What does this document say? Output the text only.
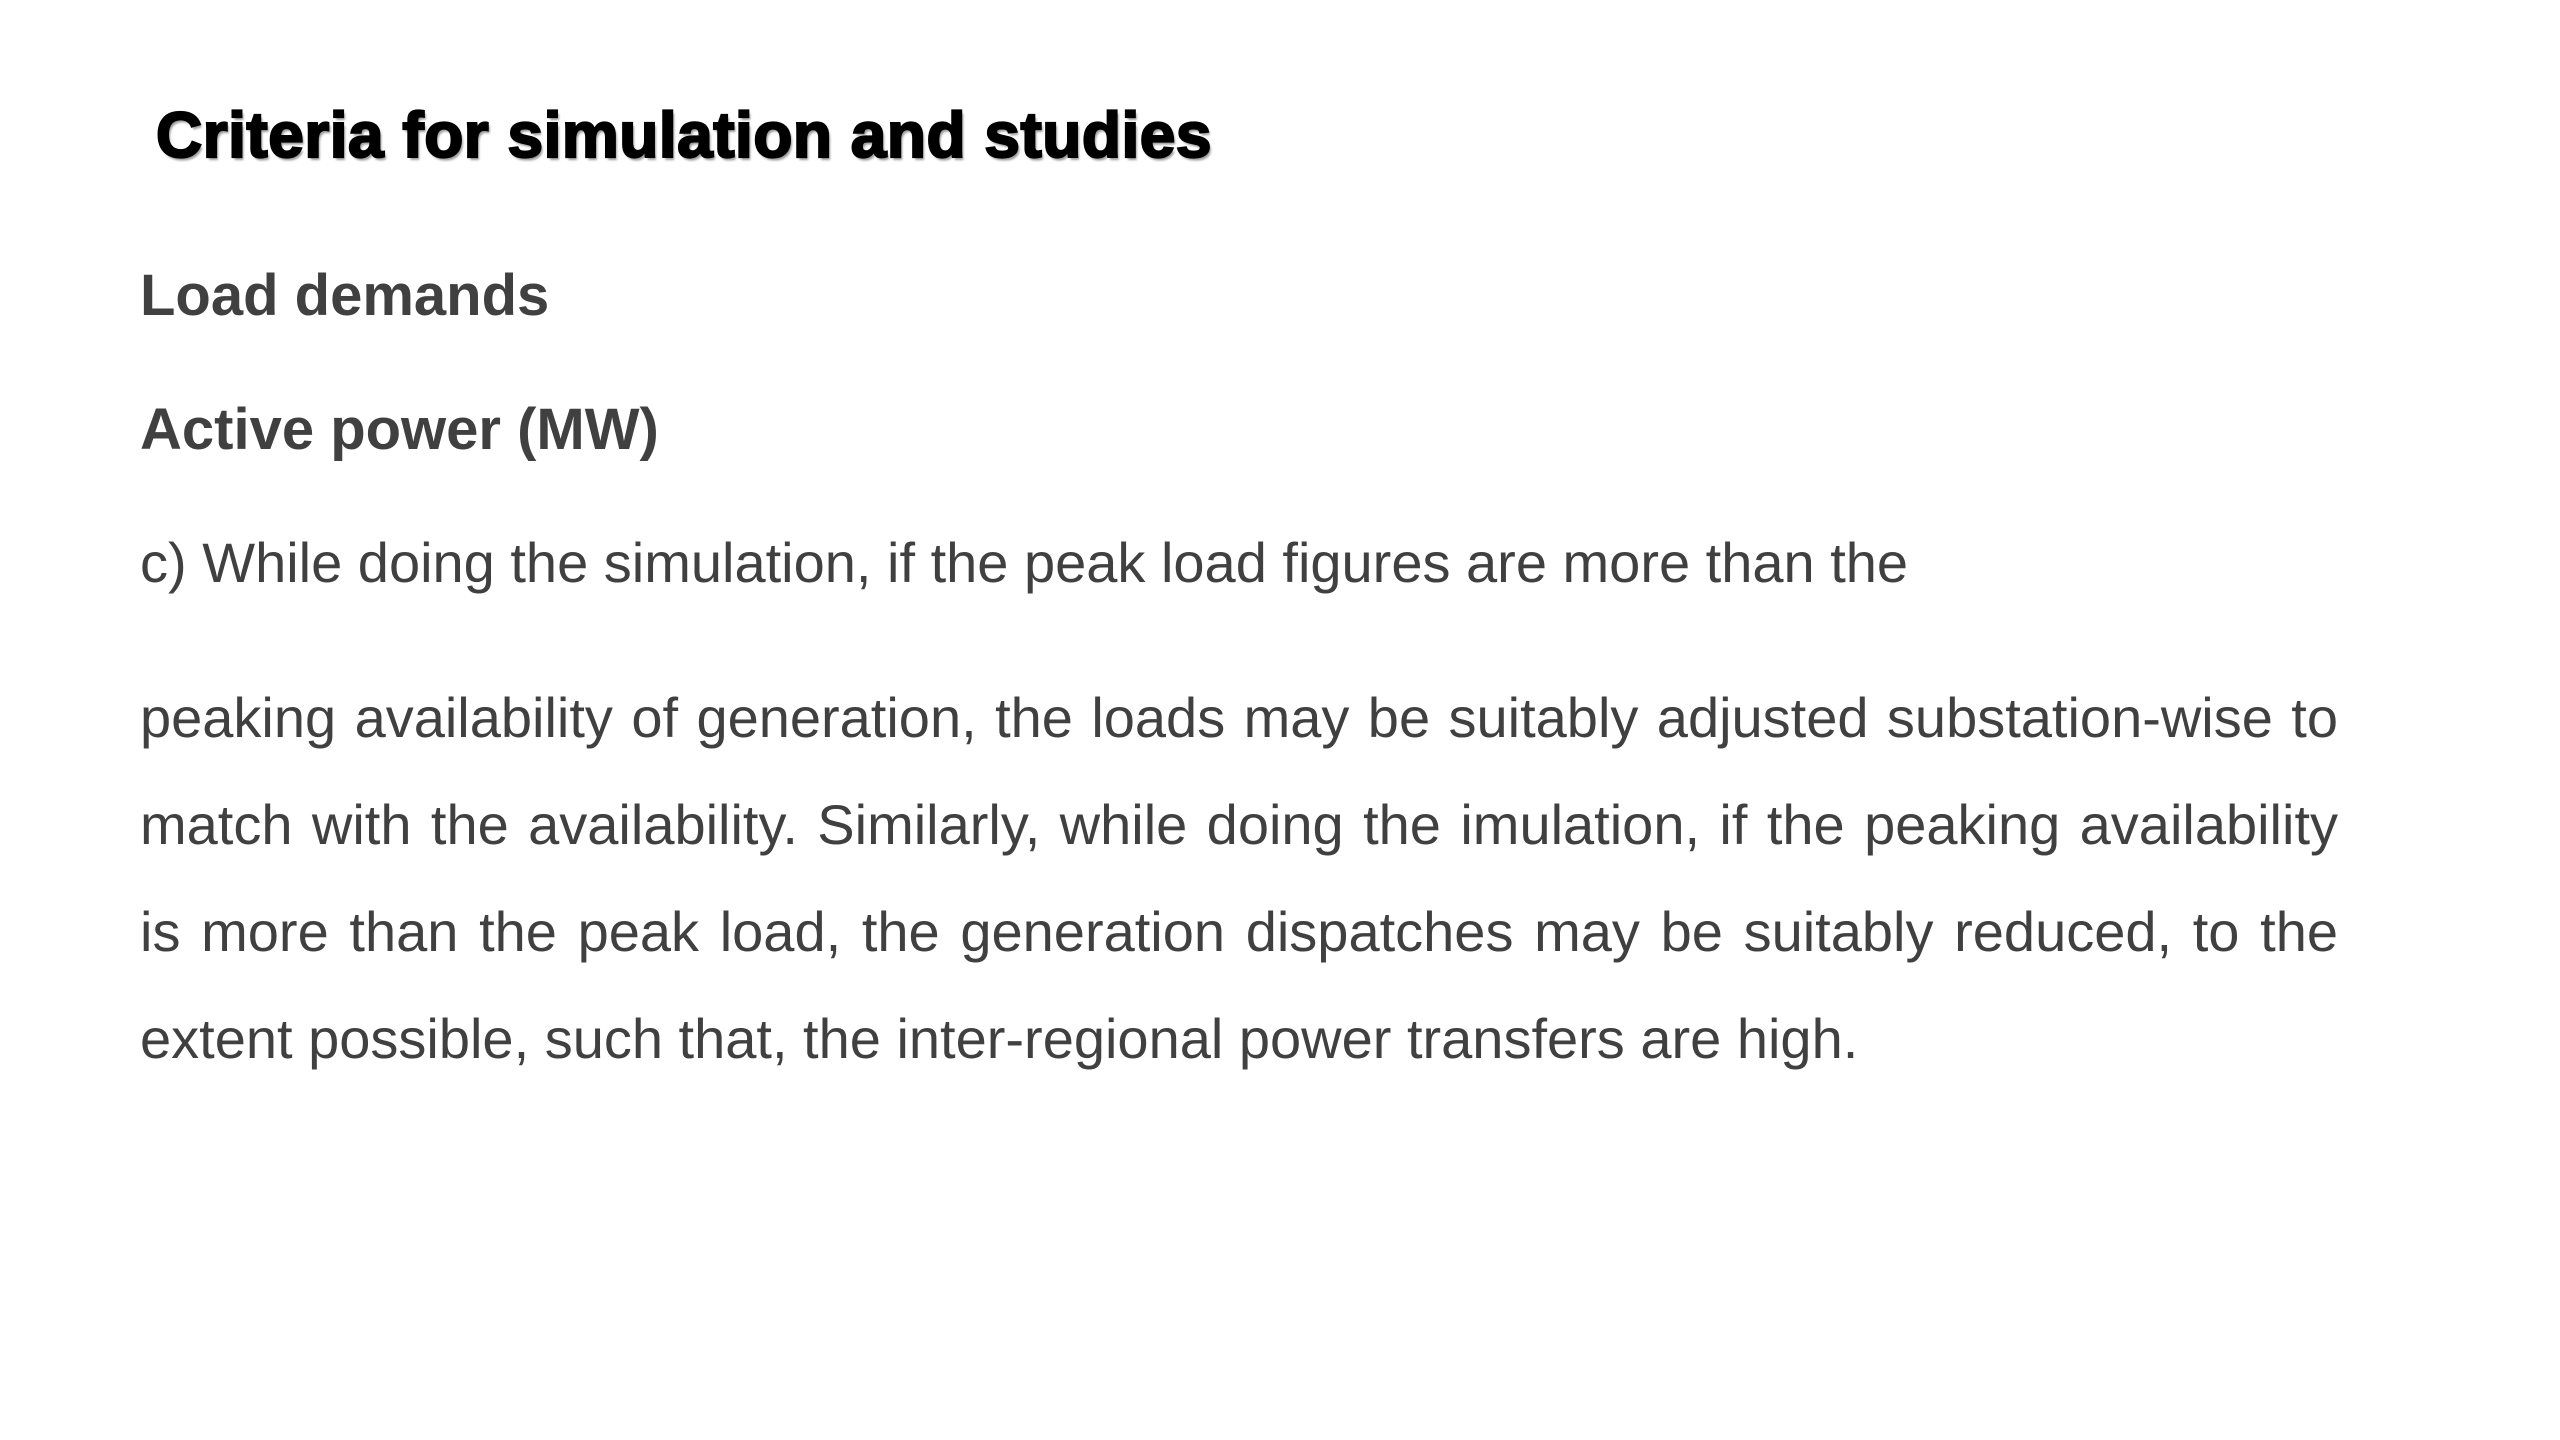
Criteria for simulation and studies
Load demands
Active power (MW)

c) While doing the simulation, if the peak load figures are more than the

peaking availability of generation, the loads may be suitably adjusted substation-wise to match with the availability. Similarly, while doing the imulation, if the peaking availability is more than the peak load, the generation dispatches may be suitably reduced, to the extent possible, such that, the inter-regional power transfers are high.
